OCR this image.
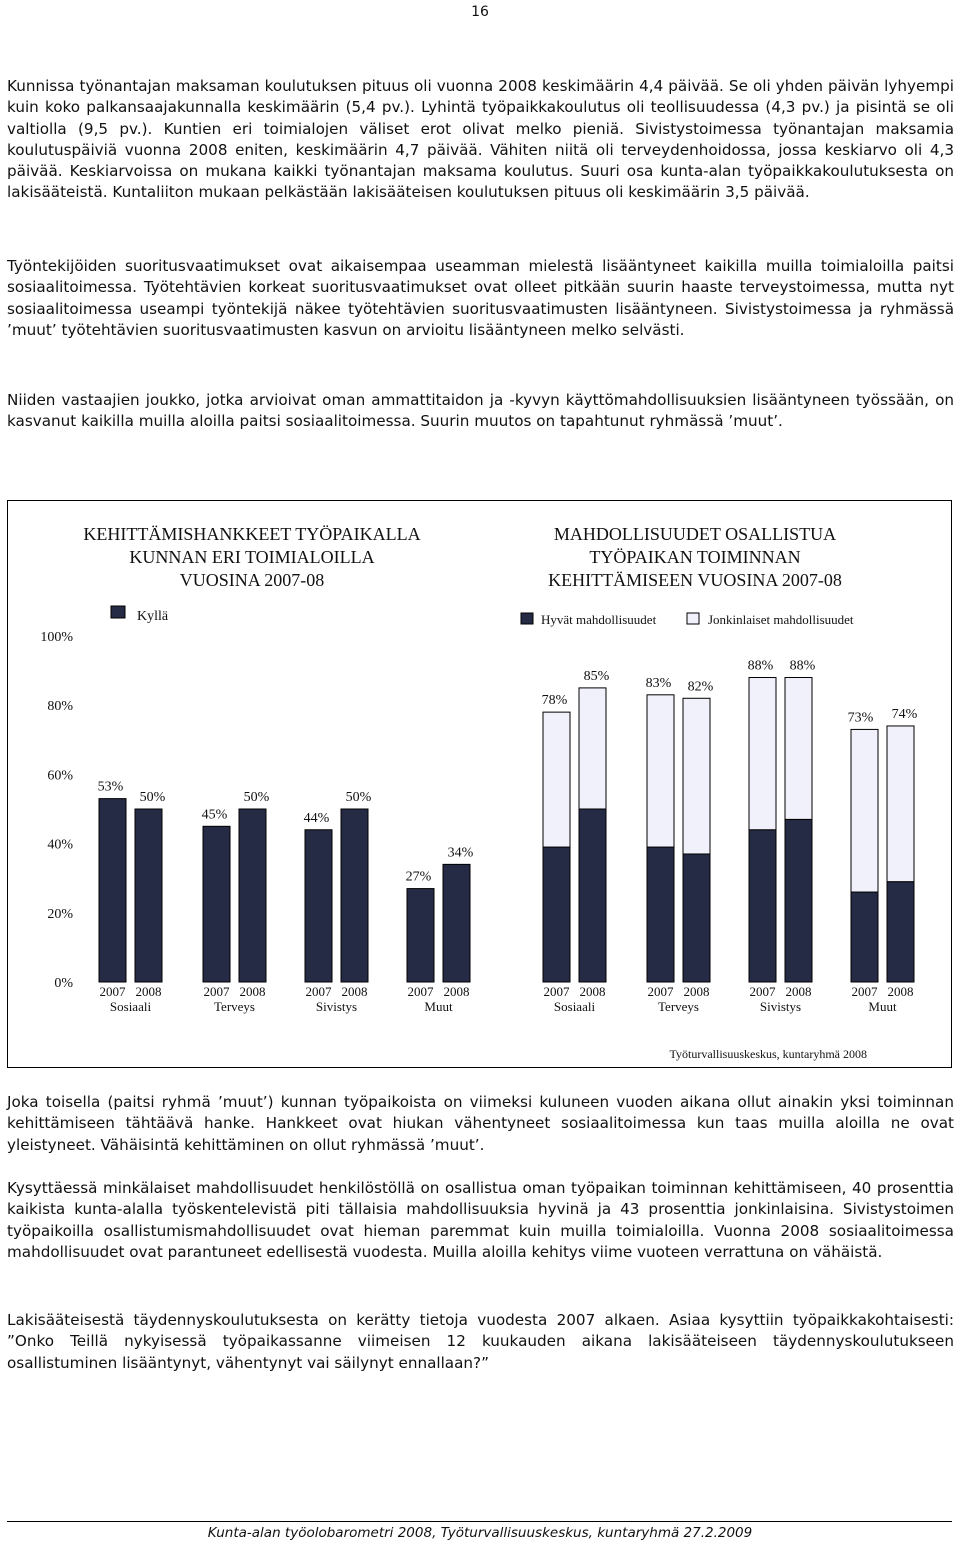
16

Kunnissa työnantajan maksaman koulutuksen pituus oli vuonna 2008 keskimäärin 4,4 päivää. Se oli yhden päivän lyhyempi kuin koko palkansaajakunnalla keskimäärin (5,4 pv.). Lyhintä työpaikkakoulutus oli teollisuudessa (4,3 pv.) ja pisintä se oli valtiolla (9,5 pv.). Kuntien eri toimialojen väliset erot olivat melko pieniä. Sivistystoimessa työnantajan maksamia koulutuspäiviä vuonna 2008 eniten, keskimäärin 4,7 päivää. Vähiten niitä oli terveydenhoidossa, jossa keskiarvo oli 4,3 päivää. Keskiarvoissa on mukana kaikki työnantajan maksama koulutus. Suuri osa kunta-alan työpaikkakoulutuksesta on lakisääteistä. Kuntaliiton mukaan pelkästään lakisääteisen koulutuksen pituus oli keskimäärin 3,5 päivää.

Työntekijöiden suoritusvaatimukset ovat aikaisempaa useamman mielestä lisääntyneet kaikilla muilla toimialoilla paitsi sosiaalitoimessa. Työtehtävien korkeat suoritusvaatimukset ovat olleet pitkään suurin haaste terveystoimessa, mutta nyt sosiaalitoimessa useampi työntekijä näkee työtehtävien suoritusvaatimusten lisääntyneen. Sivistystoimessa ja ryhmässä ’muut’ työtehtävien suoritusvaatimusten kasvun on arvioitu lisääntyneen melko selvästi.

Niiden vastaajien joukko, jotka arvioivat oman ammattitaidon ja -kyvyn käyttömahdollisuuksien lisääntyneen työssään, on kasvanut kaikilla muilla aloilla paitsi sosiaalitoimessa. Suurin muutos on tapahtunut ryhmässä ’muut’.

KEHITTÄMISHANKKEET TYÖPAIKALLA
KUNNAN ERI TOIMIALOILLA
VUOSINA 2007-08
Kyllä
0%
20%
40%
60%
80%
100%
53%
2007
50%
2008
Sosiaali
45%
2007
50%
2008
Terveys
44%
2007
50%
2008
Sivistys
27%
2007
34%
2008
Muut
MAHDOLLISUUDET OSALLISTUA
TYÖPAIKAN TOIMINNAN
KEHITTÄMISEEN VUOSINA 2007-08
Hyvät mahdollisuudet	Jonkinlaiset mahdollisuudet
78%
2007
85%
2008
Sosiaali
83%
2007
82%
2008
Terveys
88%
2007
88%
2008
Sivistys
73%
2007
74%
2008
Muut
Työturvallisuuskeskus, kuntaryhmä 2008

Joka toisella (paitsi ryhmä ’muut’) kunnan työpaikoista on viimeksi kuluneen vuoden aikana ollut ainakin yksi toiminnan kehittämiseen tähtäävä hanke. Hankkeet ovat hiukan vähentyneet sosiaalitoimessa kun taas muilla aloilla ne ovat yleistyneet. Vähäisintä kehittäminen on ollut ryhmässä ’muut’.

Kysyttäessä minkälaiset mahdollisuudet henkilöstöllä on osallistua oman työpaikan toiminnan kehittämiseen, 40 prosenttia kaikista kunta-alalla työskentelevistä piti tällaisia mahdollisuuksia hyvinä ja 43 prosenttia jonkinlaisina. Sivistystoimen työpaikoilla osallistumismahdollisuudet ovat hieman paremmat kuin muilla toimialoilla. Vuonna 2008 sosiaalitoimessa mahdollisuudet ovat parantuneet edellisestä vuodesta. Muilla aloilla kehitys viime vuoteen verrattuna on vähäistä.

Lakisääteisestä täydennyskoulutuksesta on kerätty tietoja vuodesta 2007 alkaen. Asiaa kysyttiin työpaikkakohtaisesti: ”Onko Teillä nykyisessä työpaikassanne viimeisen 12 kuukauden aikana lakisääteiseen täydennyskoulutukseen osallistuminen lisääntynyt, vähentynyt vai säilynyt ennallaan?”

Kunta-alan työolobarometri 2008, Työturvallisuuskeskus, kuntaryhmä 27.2.2009
